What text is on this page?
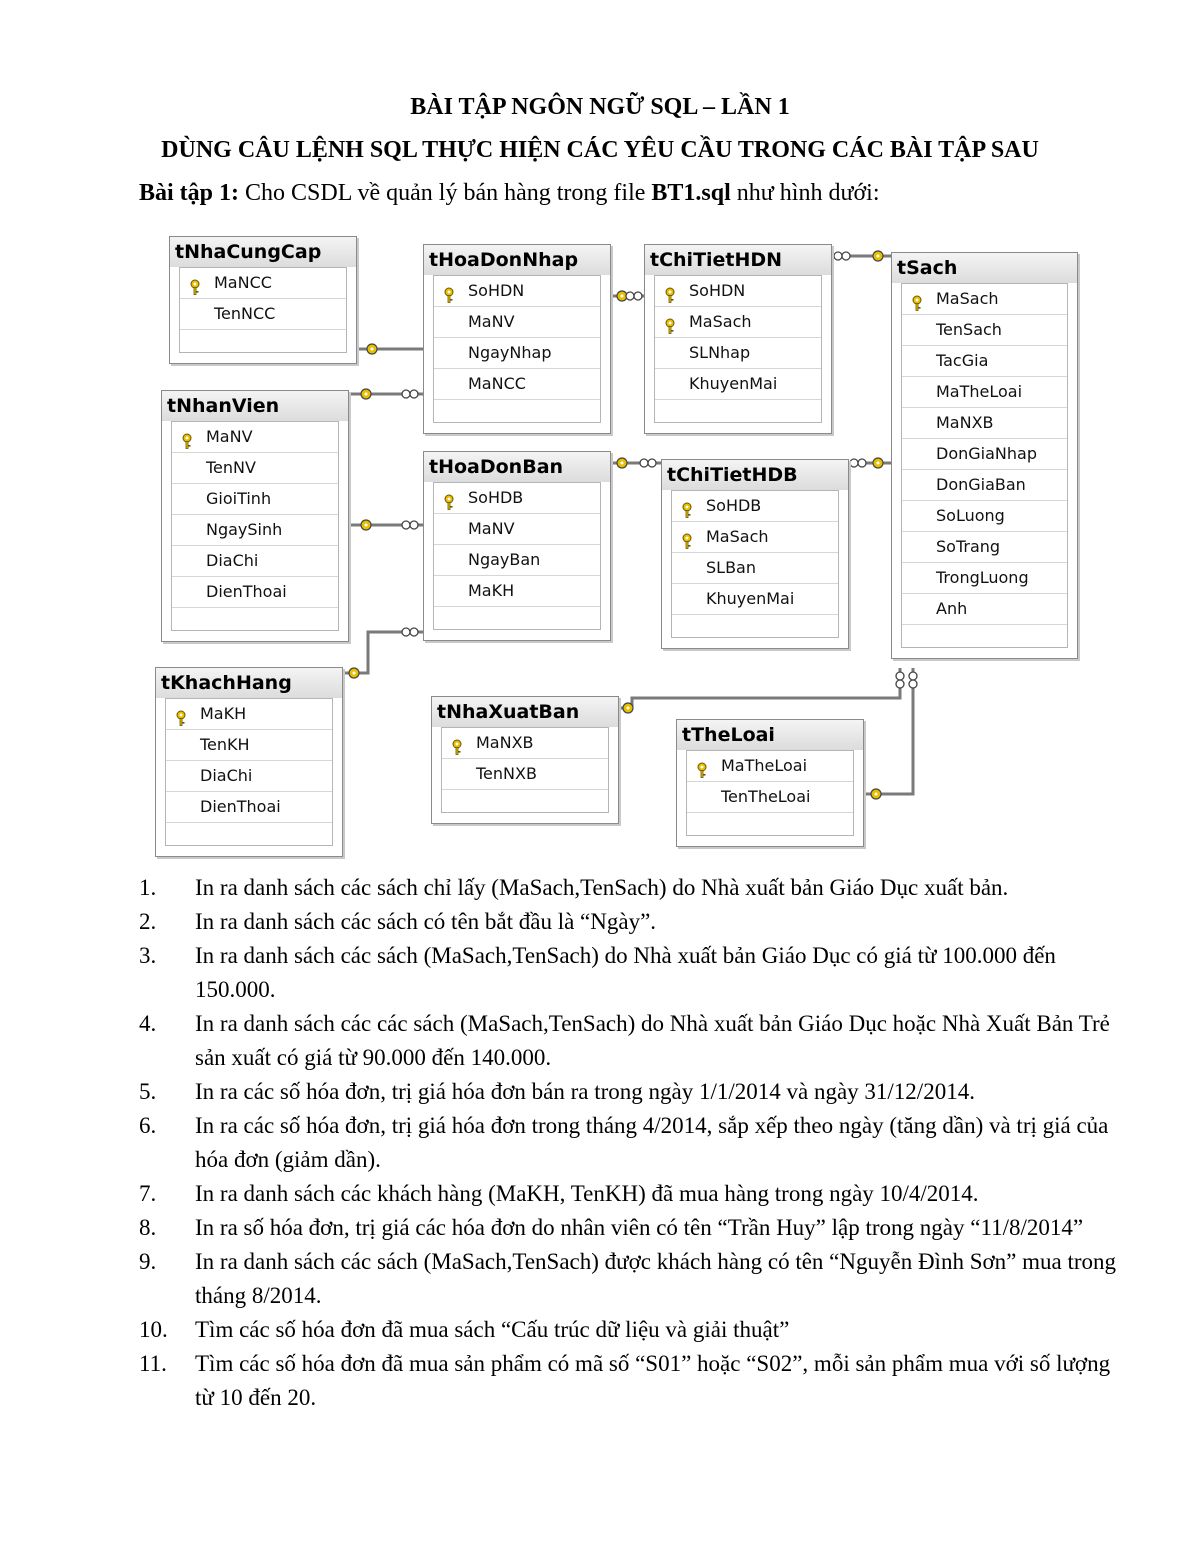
BÀI TẬP NGÔN NGỮ SQL – LẦN 1
DÙNG CÂU LỆNH SQL THỰC HIỆN CÁC YÊU CẦU TRONG CÁC BÀI TẬP SAU
Bài tập 1: Cho CSDL về quản lý bán hàng trong file BT1.sql như hình dưới:
tNhaCungCap
MaNCC
TenNCC
tHoaDonNhap
SoHDN
MaNV
NgayNhap
MaNCC
tChiTietHDN
SoHDN
MaSach
SLNhap
KhuyenMai
tSach
MaSach
TenSach
TacGia
MaTheLoai
MaNXB
DonGiaNhap
DonGiaBan
SoLuong
SoTrang
TrongLuong
Anh
tNhanVien
MaNV
TenNV
GioiTinh
NgaySinh
DiaChi
DienThoai
tHoaDonBan
SoHDB
MaNV
NgayBan
MaKH
tChiTietHDB
SoHDB
MaSach
SLBan
KhuyenMai
tKhachHang
MaKH
TenKH
DiaChi
DienThoai
tNhaXuatBan
MaNXB
TenNXB
tTheLoai
MaTheLoai
TenTheLoai
1. In ra danh sách các sách chỉ lấy (MaSach,TenSach) do Nhà xuất bản Giáo Dục xuất bản.
2. In ra danh sách các sách có tên bắt đầu là “Ngày”.
3. In ra danh sách các sách (MaSach,TenSach) do Nhà xuất bản Giáo Dục có giá từ 100.000 đến 150.000.
4. In ra danh sách các các sách (MaSach,TenSach) do Nhà xuất bản Giáo Dục hoặc Nhà Xuất Bản Trẻ sản xuất có giá từ 90.000 đến 140.000.
5. In ra các số hóa đơn, trị giá hóa đơn bán ra trong ngày 1/1/2014 và ngày 31/12/2014.
6. In ra các số hóa đơn, trị giá hóa đơn trong tháng 4/2014, sắp xếp theo ngày (tăng dần) và trị giá của hóa đơn (giảm dần).
7. In ra danh sách các khách hàng (MaKH, TenKH) đã mua hàng trong ngày 10/4/2014.
8. In ra số hóa đơn, trị giá các hóa đơn do nhân viên có tên “Trần Huy” lập trong ngày “11/8/2014”
9. In ra danh sách các sách (MaSach,TenSach) được khách hàng có tên “Nguyễn Đình Sơn” mua trong tháng 8/2014.
10. Tìm các số hóa đơn đã mua sách “Cấu trúc dữ liệu và giải thuật”
11. Tìm các số hóa đơn đã mua sản phẩm có mã số “S01” hoặc “S02”, mỗi sản phẩm mua với số lượng từ 10 đến 20.
